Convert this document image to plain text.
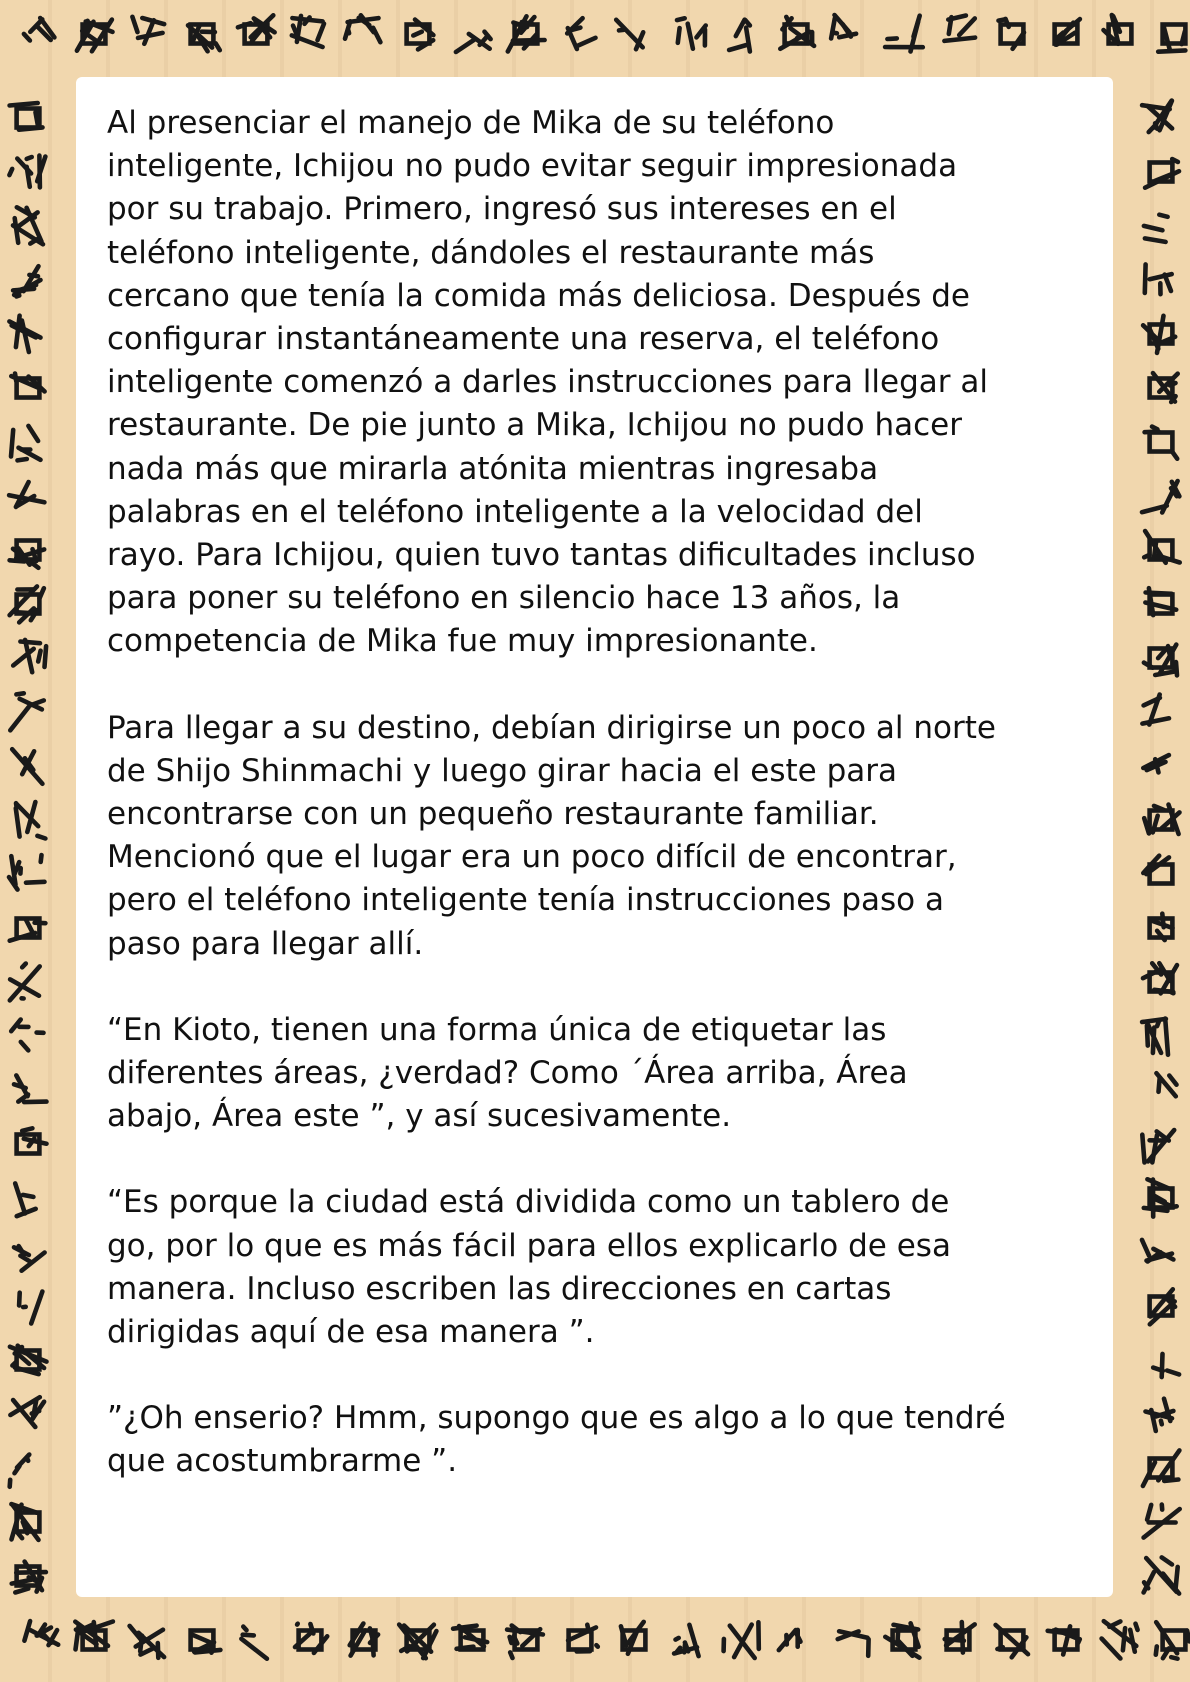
Al presenciar el manejo de Mika de su teléfono inteligente, Ichijou no pudo evitar seguir impresionada por su trabajo. Primero, ingresó sus intereses en el teléfono inteligente, dándoles el restaurante más cercano que tenía la comida más deliciosa. Después de configurar instantáneamente una reserva, el teléfono inteligente comenzó a darles instrucciones para llegar al restaurante. De pie junto a Mika, Ichijou no pudo hacer nada más que mirarla atónita mientras ingresaba palabras en el teléfono inteligente a la velocidad del rayo. Para Ichijou, quien tuvo tantas dificultades incluso para poner su teléfono en silencio hace 13 años, la competencia de Mika fue muy impresionante.

Para llegar a su destino, debían dirigirse un poco al norte de Shijo Shinmachi y luego girar hacia el este para encontrarse con un pequeño restaurante familiar. Mencionó que el lugar era un poco difícil de encontrar, pero el teléfono inteligente tenía instrucciones paso a paso para llegar allí.

“En Kioto, tienen una forma única de etiquetar las diferentes áreas, ¿verdad? Como ´Área arriba, Área abajo, Área este ”, y así sucesivamente.

“Es porque la ciudad está dividida como un tablero de go, por lo que es más fácil para ellos explicarlo de esa manera. Incluso escriben las direcciones en cartas dirigidas aquí de esa manera ”.

”¿Oh enserio? Hmm, supongo que es algo a lo que tendré que acostumbrarme ”.
